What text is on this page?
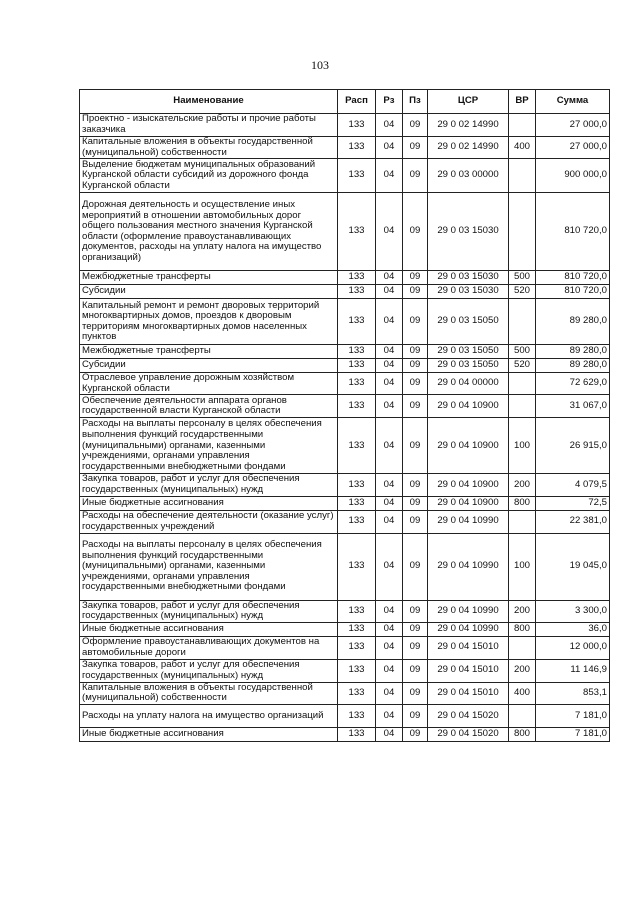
103
Наименование	Расп	Рз	Пз	ЦСР	ВР	Сумма
Проектно - изыскательские работы и прочие работы заказчика	133	04	09	29 0 02 14990		27 000,0
Капитальные вложения в объекты государственной (муниципальной) собственности	133	04	09	29 0 02 14990	400	27 000,0
Выделение бюджетам муниципальных образований Курганской области субсидий из дорожного фонда Курганской области	133	04	09	29 0 03 00000		900 000,0
Дорожная деятельность и осуществление иных мероприятий в отношении автомобильных дорог общего пользования местного значения Курганской области (оформление правоустанавливающих документов, расходы на уплату налога на имущество организаций)	133	04	09	29 0 03 15030		810 720,0
Межбюджетные трансферты	133	04	09	29 0 03 15030	500	810 720,0
Субсидии	133	04	09	29 0 03 15030	520	810 720,0
Капитальный ремонт и ремонт дворовых территорий многоквартирных домов, проездов к дворовым территориям многоквартирных домов населенных пунктов	133	04	09	29 0 03 15050		89 280,0
Межбюджетные трансферты	133	04	09	29 0 03 15050	500	89 280,0
Субсидии	133	04	09	29 0 03 15050	520	89 280,0
Отраслевое управление дорожным хозяйством Курганской области	133	04	09	29 0 04 00000		72 629,0
Обеспечение деятельности аппарата органов государственной власти Курганской области	133	04	09	29 0 04 10900		31 067,0
Расходы на выплаты персоналу в целях обеспечения выполнения функций государственными (муниципальными) органами, казенными учреждениями, органами управления государственными внебюджетными фондами	133	04	09	29 0 04 10900	100	26 915,0
Закупка товаров, работ и услуг для обеспечения государственных (муниципальных) нужд	133	04	09	29 0 04 10900	200	4 079,5
Иные бюджетные ассигнования	133	04	09	29 0 04 10900	800	72,5
Расходы на обеспечение деятельности (оказание услуг) государственных учреждений	133	04	09	29 0 04 10990		22 381,0
Расходы на выплаты персоналу в целях обеспечения выполнения функций государственными (муниципальными) органами, казенными учреждениями, органами управления государственными внебюджетными фондами	133	04	09	29 0 04 10990	100	19 045,0
Закупка товаров, работ и услуг для обеспечения государственных (муниципальных) нужд	133	04	09	29 0 04 10990	200	3 300,0
Иные бюджетные ассигнования	133	04	09	29 0 04 10990	800	36,0
Оформление правоустанавливающих документов на автомобильные дороги	133	04	09	29 0 04 15010		12 000,0
Закупка товаров, работ и услуг для обеспечения государственных (муниципальных) нужд	133	04	09	29 0 04 15010	200	11 146,9
Капитальные вложения в объекты государственной (муниципальной) собственности	133	04	09	29 0 04 15010	400	853,1
Расходы на уплату налога на имущество организаций	133	04	09	29 0 04 15020		7 181,0
Иные бюджетные ассигнования	133	04	09	29 0 04 15020	800	7 181,0
